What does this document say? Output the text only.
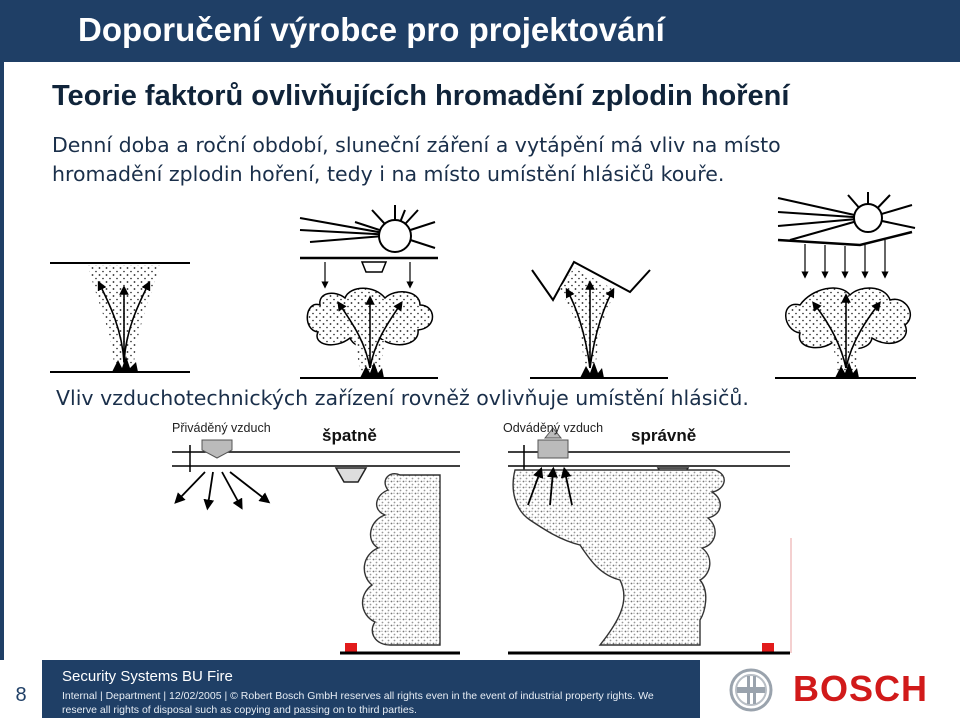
Doporučení výrobce pro projektování
Teorie faktorů ovlivňujících hromadění zplodin hoření
Denní doba a roční období, sluneční záření a vytápění má vliv na místo hromadění zplodin hoření, tedy i na místo umístění hlásičů kouře.
Vliv vzduchotechnických zařízení rovněž ovlivňuje umístění hlásičů.
Přiváděný vzduch	špatně	Odváděný vzduch správně
8
Security Systems BU Fire
Internal | Department | 12/02/2005 | © Robert Bosch GmbH reserves all rights even in the event of industrial property rights. We reserve all rights of disposal such as copying and passing on to third parties.
BOSCH
